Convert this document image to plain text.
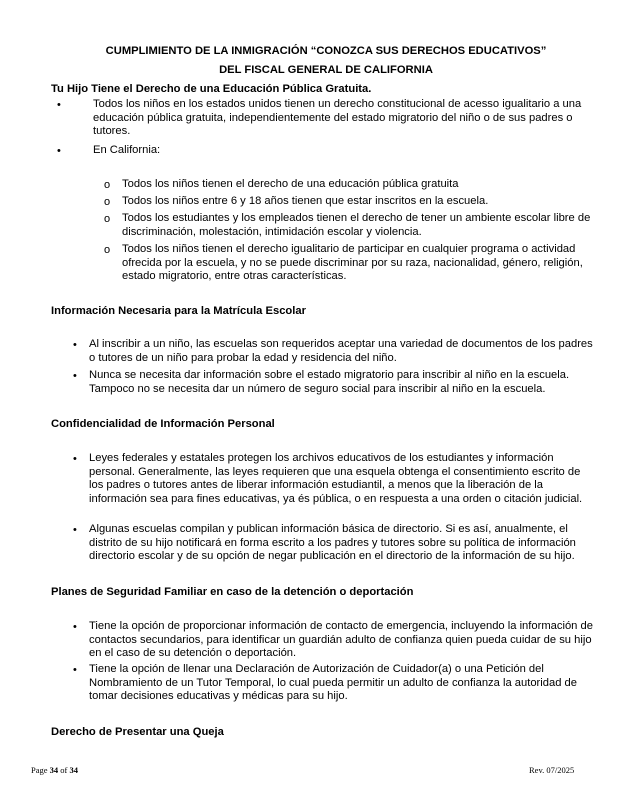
CUMPLIMIENTO DE LA INMIGRACIÓN “CONOZCA SUS DERECHOS EDUCATIVOS”
DEL FISCAL GENERAL DE CALIFORNIA
Tu Hijo Tiene el Derecho de una Educación Pública Gratuita.
•	Todos los niños en los estados unidos tienen un derecho constitucional de acesso igualitario a una educación pública gratuita, independientemente del estado migratorio del niño o de sus padres o tutores.
•	En California:
o Todos los niños tienen el derecho de una educación pública gratuita
o Todos los niños entre 6 y 18 años tienen que estar inscritos en la escuela.
o Todos los estudiantes y los empleados tienen el derecho de tener un ambiente escolar libre de discriminación, molestación, intimidación escolar y violencia.
o Todos los niños tienen el derecho igualitario de participar en cualquier programa o actividad ofrecida por la escuela, y no se puede discriminar por su raza, nacionalidad, género, religión, estado migratorio, entre otras características.
Información Necesaria para la Matrícula Escolar
• Al inscribir a un niño, las escuelas son requeridos aceptar una variedad de documentos de los padres o tutores de un niño para probar la edad y residencia del niño.
• Nunca se necesita dar información sobre el estado migratorio para inscribir al niño en la escuela. Tampoco no se necesita dar un número de seguro social para inscribir al niño en la escuela.
Confidencialidad de Información Personal
• Leyes federales y estatales protegen los archivos educativos de los estudiantes y información personal. Generalmente, las leyes requieren que una esquela obtenga el consentimiento escrito de los padres o tutores antes de liberar información estudiantil, a menos que la liberación de la información sea para fines educativas, ya és pública, o en respuesta a una orden o citación judicial.
• Algunas escuelas compilan y publican información básica de directorio. Si es así, anualmente, el distrito de su hijo notificará en forma escrito a los padres y tutores sobre su política de información directorio escolar y de su opción de negar publicación en el directorio de la información de su hijo.
Planes de Seguridad Familiar en caso de la detención o deportación
• Tiene la opción de proporcionar información de contacto de emergencia, incluyendo la información de contactos secundarios, para identificar un guardián adulto de confianza quien pueda cuidar de su hijo en el caso de su detención o deportación.
• Tiene la opción de llenar una Declaración de Autorización de Cuidador(a) o una Petición del Nombramiento de un Tutor Temporal, lo cual pueda permitir un adulto de confianza la autoridad de tomar decisiones educativas y médicas para su hijo.
Derecho de Presentar una Queja
Page 34 of 34	Rev. 07/2025
